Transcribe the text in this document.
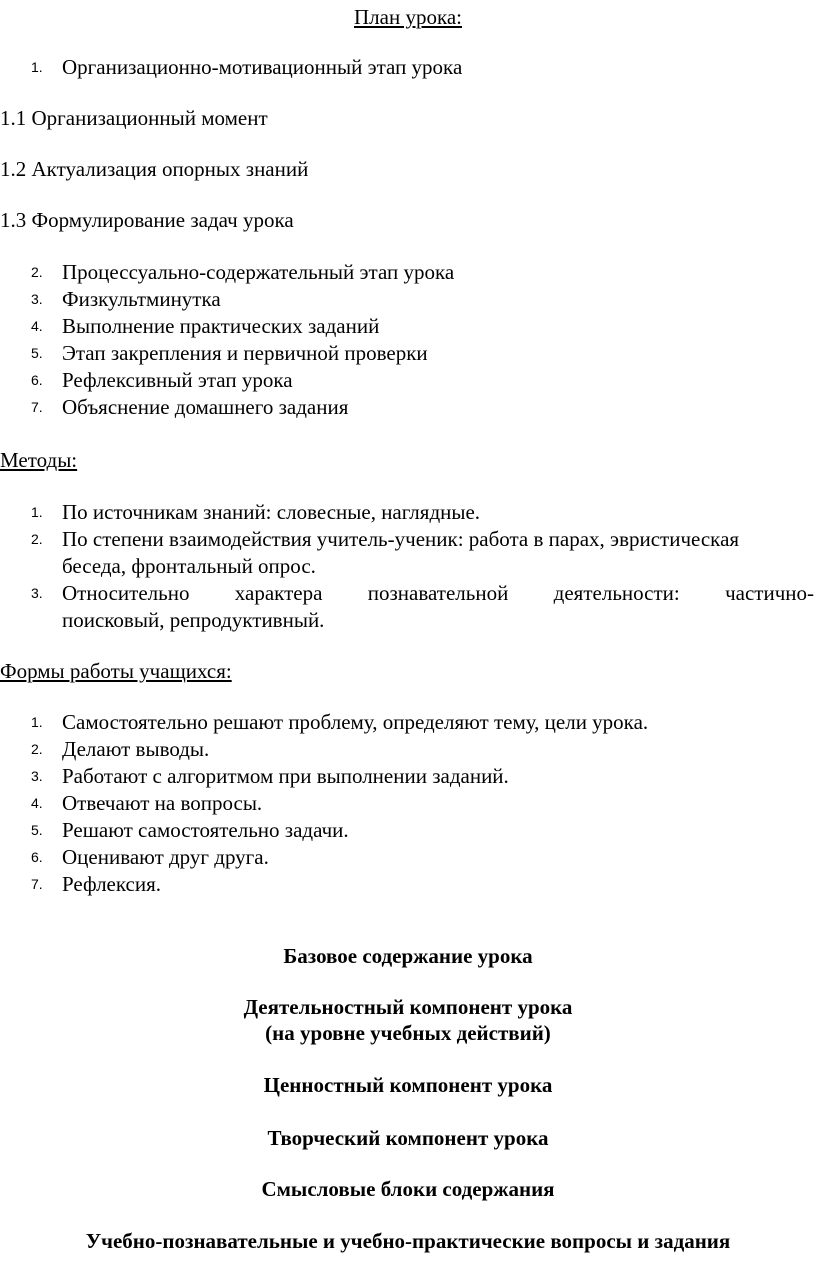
План урока:
1. Организационно-мотивационный этап урока
1.1 Организационный момент
1.2 Актуализация опорных знаний
1.3 Формулирование задач урока
2. Процессуально-содержательный этап урока
3. Физкультминутка
4. Выполнение практических заданий
5. Этап закрепления и первичной проверки
6. Рефлексивный этап урока
7. Объяснение домашнего задания
Методы:
1. По источникам знаний: словесные, наглядные.
2. По степени взаимодействия учитель-ученик: работа в парах, эвристическая
беседа, фронтальный опрос.
3. Относительно характера познавательной деятельности: частично-
поисковый, репродуктивный.
Формы работы учащихся:
1. Самостоятельно решают проблему, определяют тему, цели урока.
2. Делают выводы.
3. Работают с алгоритмом при выполнении заданий.
4. Отвечают на вопросы.
5. Решают самостоятельно задачи.
6. Оценивают друг друга.
7. Рефлексия.
Базовое содержание урока
Деятельностный компонент урока
(на уровне учебных действий)
Ценностный компонент урока
Творческий компонент урока
Смысловые блоки содержания
Учебно-познавательные и учебно-практические вопросы и задания
